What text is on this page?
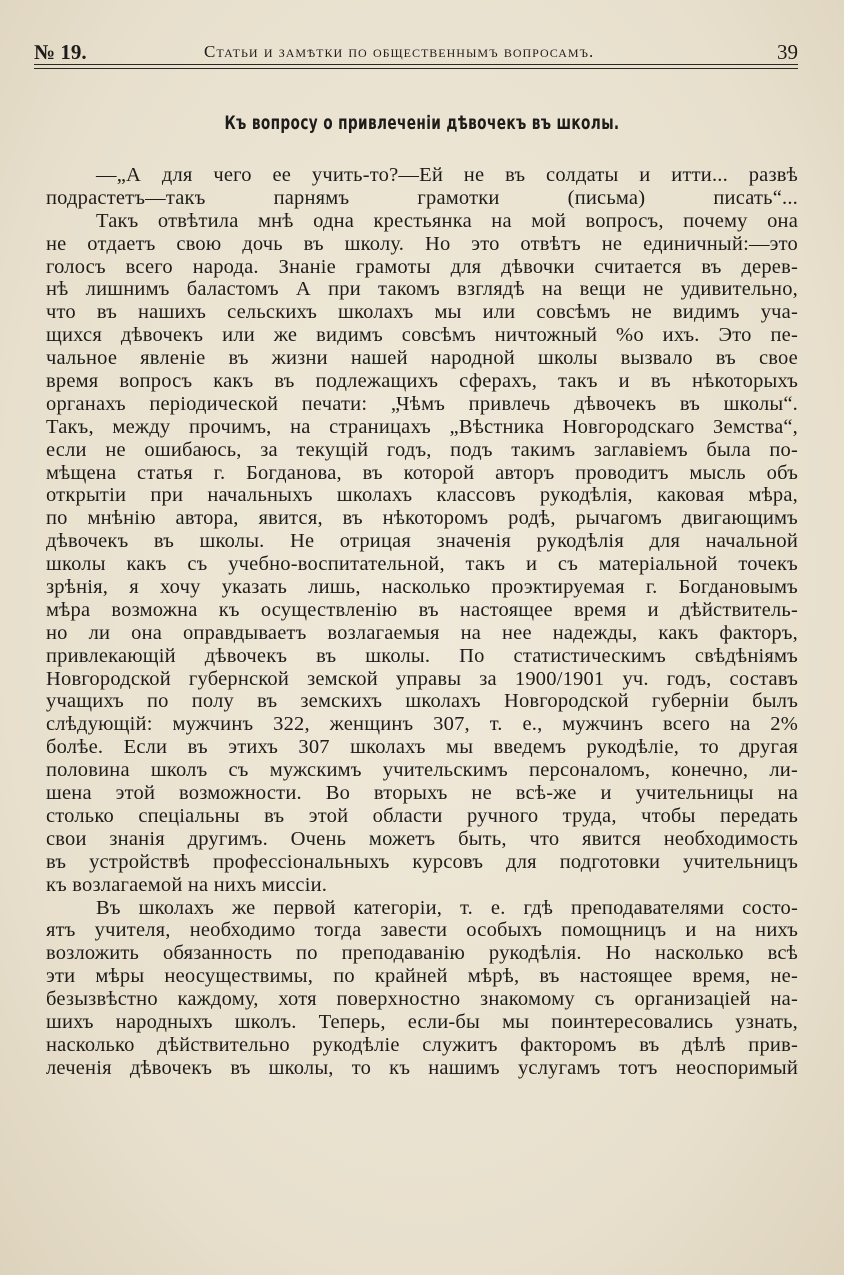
№ 19.	Статьи и замѣтки по общественнымъ вопросамъ.	39
Къ вопросу о привлеченіи дѣвочекъ въ школы.
—„А для чего ее учить-то?—Ей не въ солдаты и итти... развѣ
подрастетъ—такъ парнямъ грамотки (письма) писать“...
Такъ отвѣтила мнѣ одна крестьянка на мой вопросъ, почему она
не отдаетъ свою дочь въ школу. Но это отвѣтъ не единичный:—это
голосъ всего народа. Знаніе грамоты для дѣвочки считается въ дерев-
нѣ лишнимъ баластомъ А при такомъ взглядѣ на вещи не удивительно,
что въ нашихъ сельскихъ школахъ мы или совсѣмъ не видимъ уча-
щихся дѣвочекъ или же видимъ совсѣмъ ничтожный %о ихъ. Это пе-
чальное явленіе въ жизни нашей народной школы вызвало въ свое
время вопросъ какъ въ подлежащихъ сферахъ, такъ и въ нѣкоторыхъ
органахъ періодической печати: „Чѣмъ привлечь дѣвочекъ въ школы“.
Такъ, между прочимъ, на страницахъ „Вѣстника Новгородскаго Земства“,
если не ошибаюсь, за текущій годъ, подъ такимъ заглавіемъ была по-
мѣщена статья г. Богданова, въ которой авторъ проводитъ мысль объ
открытіи при начальныхъ школахъ классовъ рукодѣлія, каковая мѣра,
по мнѣнію автора, явится, въ нѣкоторомъ родѣ, рычагомъ двигающимъ
дѣвочекъ въ школы. Не отрицая значенія рукодѣлія для начальной
школы какъ съ учебно-воспитательной, такъ и съ матеріальной точекъ
зрѣнія, я хочу указать лишь, насколько проэктируемая г. Богдановымъ
мѣра возможна къ осуществленію въ настоящее время и дѣйствитель-
но ли она оправдываетъ возлагаемыя на нее надежды, какъ факторъ,
привлекающій дѣвочекъ въ школы. По статистическимъ свѣдѣніямъ
Новгородской губернской земской управы за 1900/1901 уч. годъ, составъ
учащихъ по полу въ земскихъ школахъ Новгородской губерніи былъ
слѣдующій: мужчинъ 322, женщинъ 307, т. е., мужчинъ всего на 2%
болѣе. Если въ этихъ 307 школахъ мы введемъ рукодѣліе, то другая
половина школъ съ мужскимъ учительскимъ персоналомъ, конечно, ли-
шена этой возможности. Во вторыхъ не всѣ-же и учительницы на
столько спеціальны въ этой области ручного труда, чтобы передать
свои знанія другимъ. Очень можетъ быть, что явится необходимость
въ устройствѣ профессіональныхъ курсовъ для подготовки учительницъ
къ возлагаемой на нихъ миссіи.
Въ школахъ же первой категоріи, т. е. гдѣ преподавателями состо-
ятъ учителя, необходимо тогда завести особыхъ помощницъ и на нихъ
возложить обязанность по преподаванію рукодѣлія. Но насколько всѣ
эти мѣры неосуществимы, по крайней мѣрѣ, въ настоящее время, не-
безызвѣстно каждому, хотя поверхностно знакомому съ организаціей на-
шихъ народныхъ школъ. Теперь, если-бы мы поинтересовались узнать,
насколько дѣйствительно рукодѣліе служитъ факторомъ въ дѣлѣ прив-
леченія дѣвочекъ въ школы, то къ нашимъ услугамъ тотъ неоспоримый
